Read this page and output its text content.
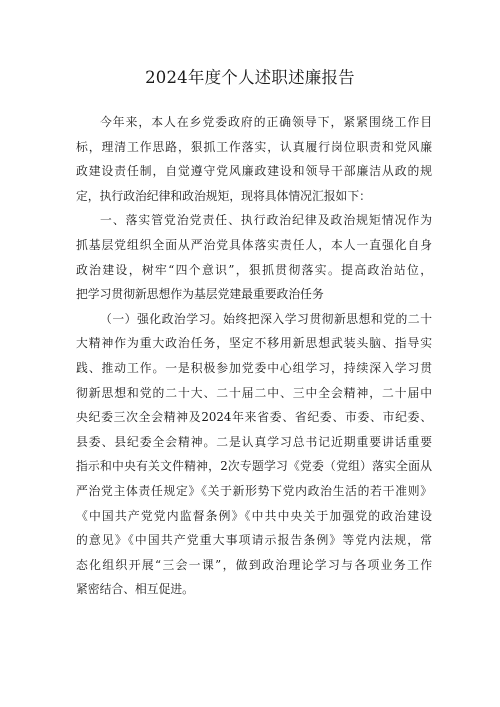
2024年度个人述职述廉报告
今年来，本人在乡党委政府的正确领导下，紧紧围绕工作目
标，理清工作思路，狠抓工作落实，认真履行岗位职责和党风廉
政建设责任制，自觉遵守党风廉政建设和领导干部廉洁从政的规
定，执行政治纪律和政治规矩，现将具体情况汇报如下：
一、落实管党治党责任、执行政治纪律及政治规矩情况作为
抓基层党组织全面从严治党具体落实责任人，本人一直强化自身
政治建设，树牢“四个意识”，狠抓贯彻落实。提高政治站位，
把学习贯彻新思想作为基层党建最重要政治任务
（一）强化政治学习。始终把深入学习贯彻新思想和党的二十
大精神作为重大政治任务，坚定不移用新思想武装头脑、指导实
践、推动工作。一是积极参加党委中心组学习，持续深入学习贯
彻新思想和党的二十大、二十届二中、三中全会精神，二十届中
央纪委三次全会精神及2024年来省委、省纪委、市委、市纪委、
县委、县纪委全会精神。二是认真学习总书记近期重要讲话重要
指示和中央有关文件精神，2次专题学习《党委（党组）落实全面从
严治党主体责任规定》《关于新形势下党内政治生活的若干准则》
《中国共产党党内监督条例》《中共中央关于加强党的政治建设
的意见》《中国共产党重大事项请示报告条例》等党内法规，常
态化组织开展“三会一课”，做到政治理论学习与各项业务工作
紧密结合、相互促进。
